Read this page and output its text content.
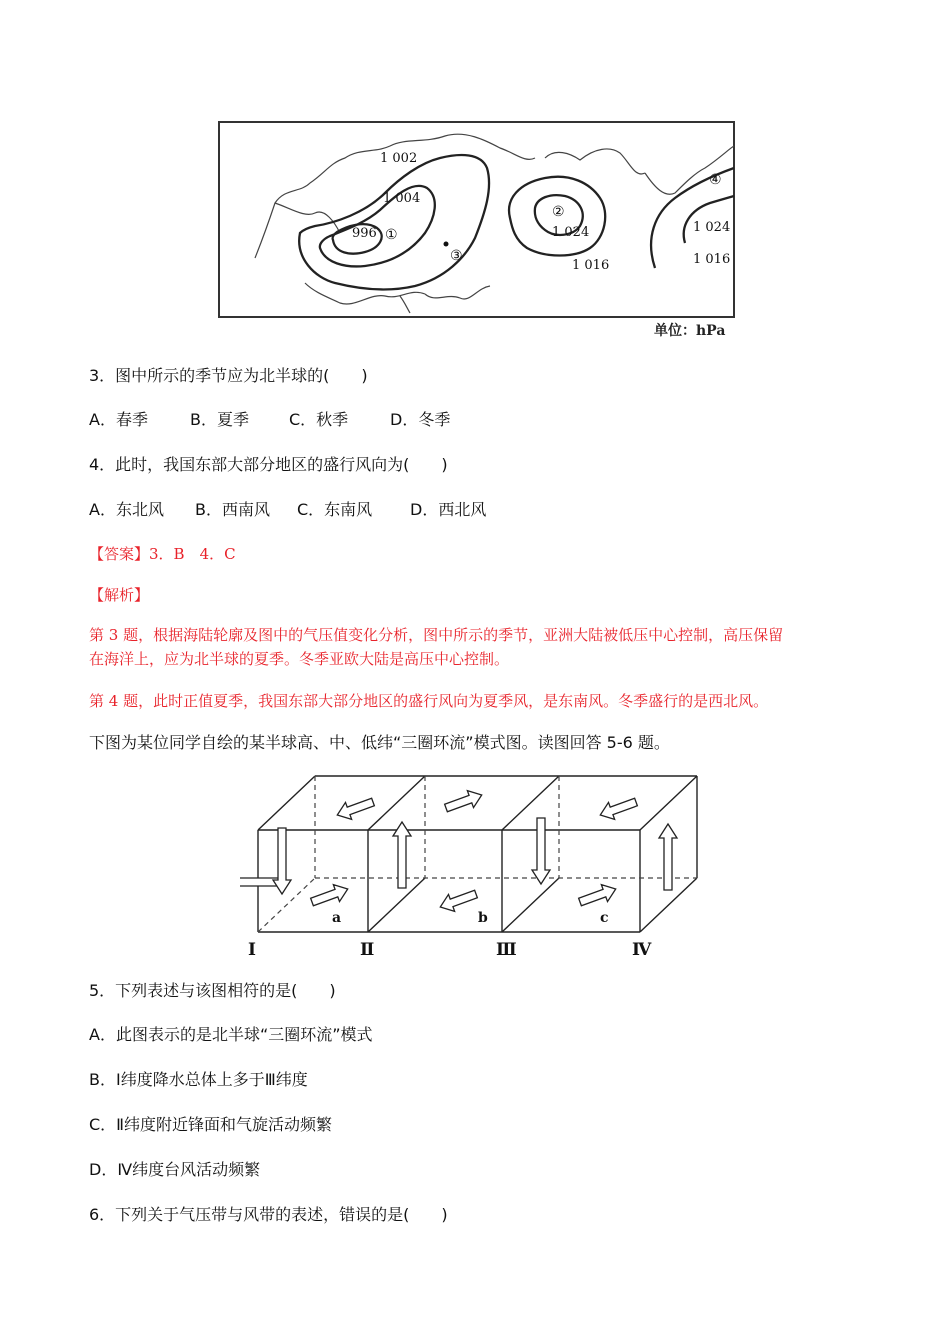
1 002
1 004
996 ①
③
②
1 024
1 016
④
1 024
1 016
单位：hPa
3．图中所示的季节应为北半球的(　　)
A．春季	B．夏季	C．秋季	D．冬季
4．此时，我国东部大部分地区的盛行风向为(　　)
A．东北风 B．西南风 C．东南风 D．西北风
【答案】3．B　4．C
【解析】
第 3 题，根据海陆轮廓及图中的气压值变化分析，图中所示的季节，亚洲大陆被低压中心控制，高压保留
在海洋上，应为北半球的夏季。冬季亚欧大陆是高压中心控制。
第 4 题，此时正值夏季，我国东部大部分地区的盛行风向为夏季风，是东南风。冬季盛行的是西北风。
下图为某位同学自绘的某半球高、中、低纬“三圈环流”模式图。读图回答 5-6 题。
a	b	c
Ⅰ	Ⅱ	Ⅲ	Ⅳ
5．下列表述与该图相符的是(　　)
A．此图表示的是北半球“三圈环流”模式
B．Ⅰ纬度降水总体上多于Ⅲ纬度
C．Ⅱ纬度附近锋面和气旋活动频繁
D．Ⅳ纬度台风活动频繁
6．下列关于气压带与风带的表述，错误的是(　　)
